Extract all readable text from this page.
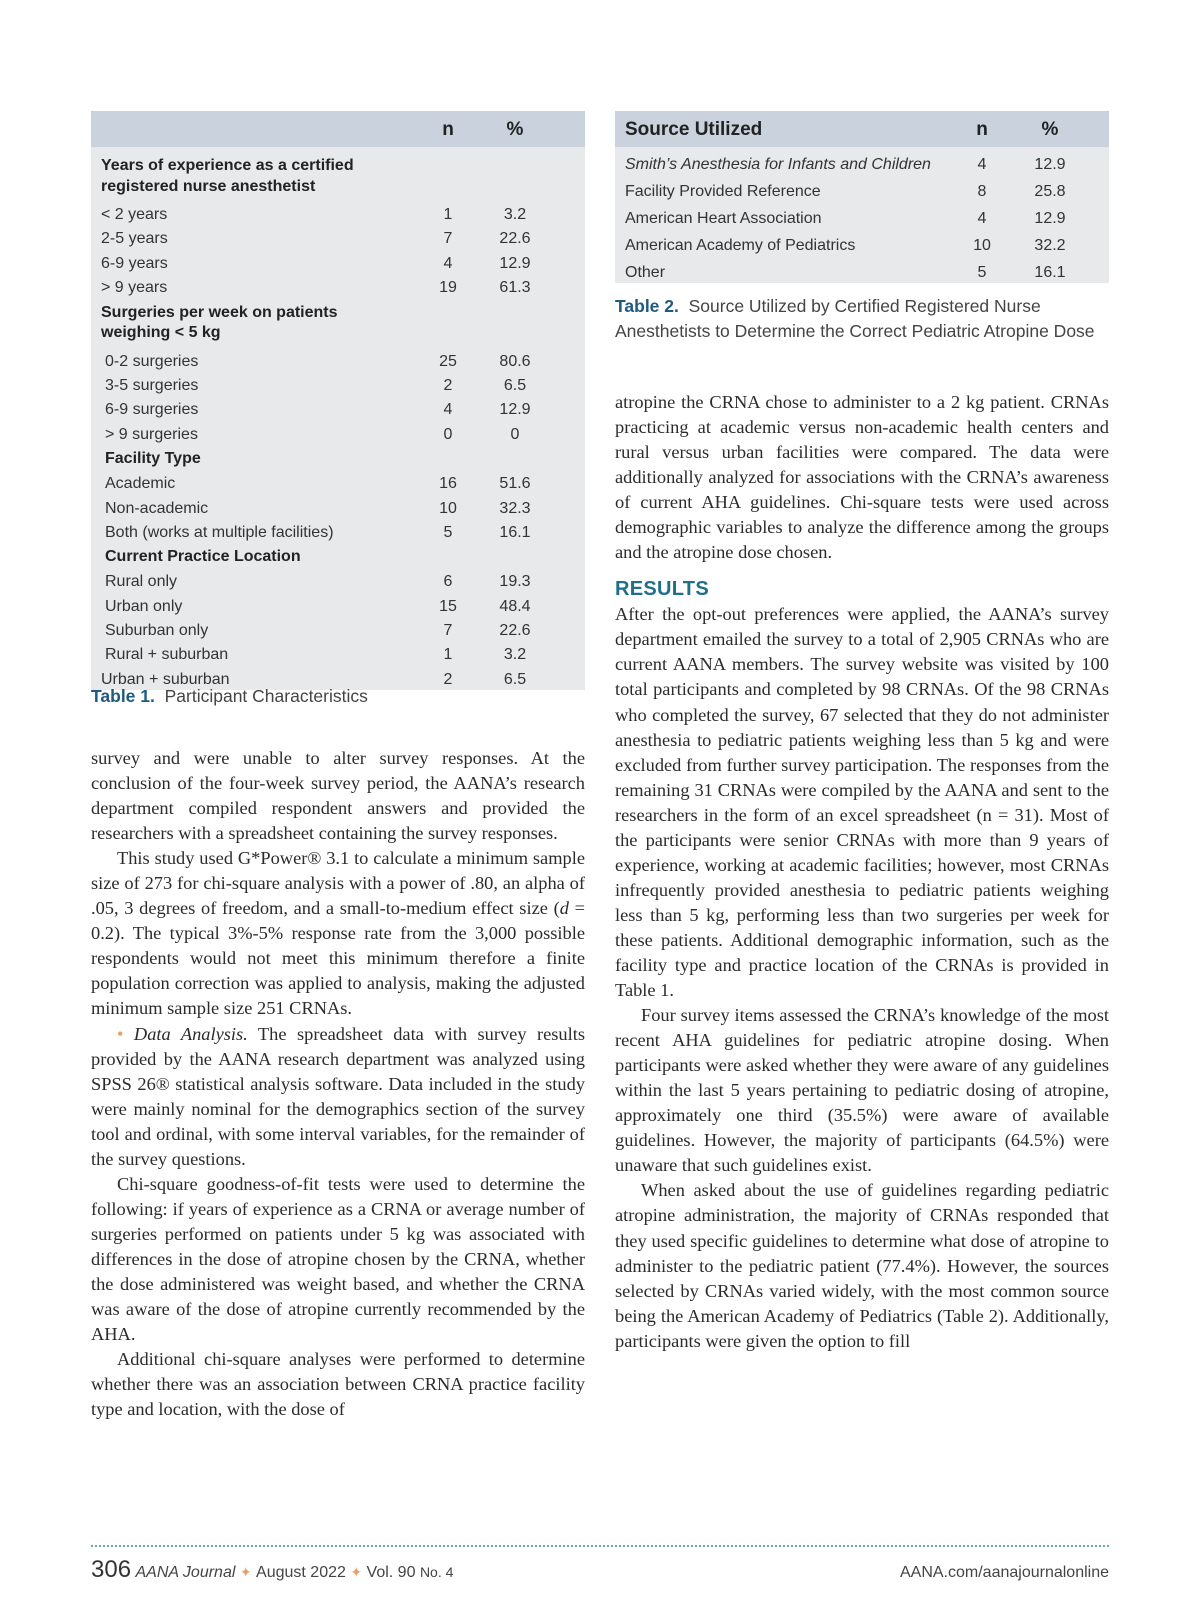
n	%
Years of experience as a certified registered nurse anesthetist
< 2 years	1	3.2
2-5 years	7	22.6
6-9 years	4	12.9
> 9 years	19	61.3
Surgeries per week on patients weighing < 5 kg
0-2 surgeries	25	80.6
3-5 surgeries	2	6.5
6-9 surgeries	4	12.9
> 9 surgeries	0	0
Facility Type
Academic	16	51.6
Non-academic	10	32.3
Both (works at multiple facilities)	5	16.1
Current Practice Location
Rural only	6	19.3
Urban only	15	48.4
Suburban only	7	22.6
Rural + suburban	1	3.2
Urban + suburban	2	6.5
Table 1. Participant Characteristics
Source Utilized	n	%
Smith’s Anesthesia for Infants and Children	4	12.9
Facility Provided Reference	8	25.8
American Heart Association	4	12.9
American Academy of Pediatrics	10	32.2
Other	5	16.1
Table 2. Source Utilized by Certified Registered Nurse Anesthetists to Determine the Correct Pediatric Atropine Dose

survey and were unable to alter survey responses. At the conclusion of the four-week survey period, the AANA’s research department compiled respondent answers and provided the researchers with a spreadsheet containing the survey responses.

This study used G*Power® 3.1 to calculate a minimum sample size of 273 for chi-square analysis with a power of .80, an alpha of .05, 3 degrees of freedom, and a small-to-medium effect size (d = 0.2). The typical 3%-5% response rate from the 3,000 possible respondents would not meet this minimum therefore a finite population correction was applied to analysis, making the adjusted minimum sample size 251 CRNAs.

• Data Analysis. The spreadsheet data with survey results provided by the AANA research department was analyzed using SPSS 26® statistical analysis software. Data included in the study were mainly nominal for the demographics section of the survey tool and ordinal, with some interval variables, for the remainder of the survey questions.

Chi-square goodness-of-fit tests were used to determine the following: if years of experience as a CRNA or average number of surgeries performed on patients under 5 kg was associated with differences in the dose of atropine chosen by the CRNA, whether the dose administered was weight based, and whether the CRNA was aware of the dose of atropine currently recommended by the AHA.

Additional chi-square analyses were performed to determine whether there was an association between CRNA practice facility type and location, with the dose of

atropine the CRNA chose to administer to a 2 kg patient. CRNAs practicing at academic versus non-academic health centers and rural versus urban facilities were compared. The data were additionally analyzed for associations with the CRNA’s awareness of current AHA guidelines. Chi-square tests were used across demographic variables to analyze the difference among the groups and the atropine dose chosen.

RESULTS

After the opt-out preferences were applied, the AANA’s survey department emailed the survey to a total of 2,905 CRNAs who are current AANA members. The survey website was visited by 100 total participants and completed by 98 CRNAs. Of the 98 CRNAs who completed the survey, 67 selected that they do not administer anesthesia to pediatric patients weighing less than 5 kg and were excluded from further survey participation. The responses from the remaining 31 CRNAs were compiled by the AANA and sent to the researchers in the form of an excel spreadsheet (n = 31). Most of the participants were senior CRNAs with more than 9 years of experience, working at academic facilities; however, most CRNAs infrequently provided anesthesia to pediatric patients weighing less than 5 kg, performing less than two surgeries per week for these patients. Additional demographic information, such as the facility type and practice location of the CRNAs is provided in Table 1.

Four survey items assessed the CRNA’s knowledge of the most recent AHA guidelines for pediatric atropine dosing. When participants were asked whether they were aware of any guidelines within the last 5 years pertaining to pediatric dosing of atropine, approximately one third (35.5%) were aware of available guidelines. However, the majority of participants (64.5%) were unaware that such guidelines exist.

When asked about the use of guidelines regarding pediatric atropine administration, the majority of CRNAs responded that they used specific guidelines to determine what dose of atropine to administer to the pediatric patient (77.4%). However, the sources selected by CRNAs varied widely, with the most common source being the American Academy of Pediatrics (Table 2). Additionally, participants were given the option to fill

306 AANA Journal ✦ August 2022 ✦ Vol. 90 No. 4	AANA.com/aanajournalonline
